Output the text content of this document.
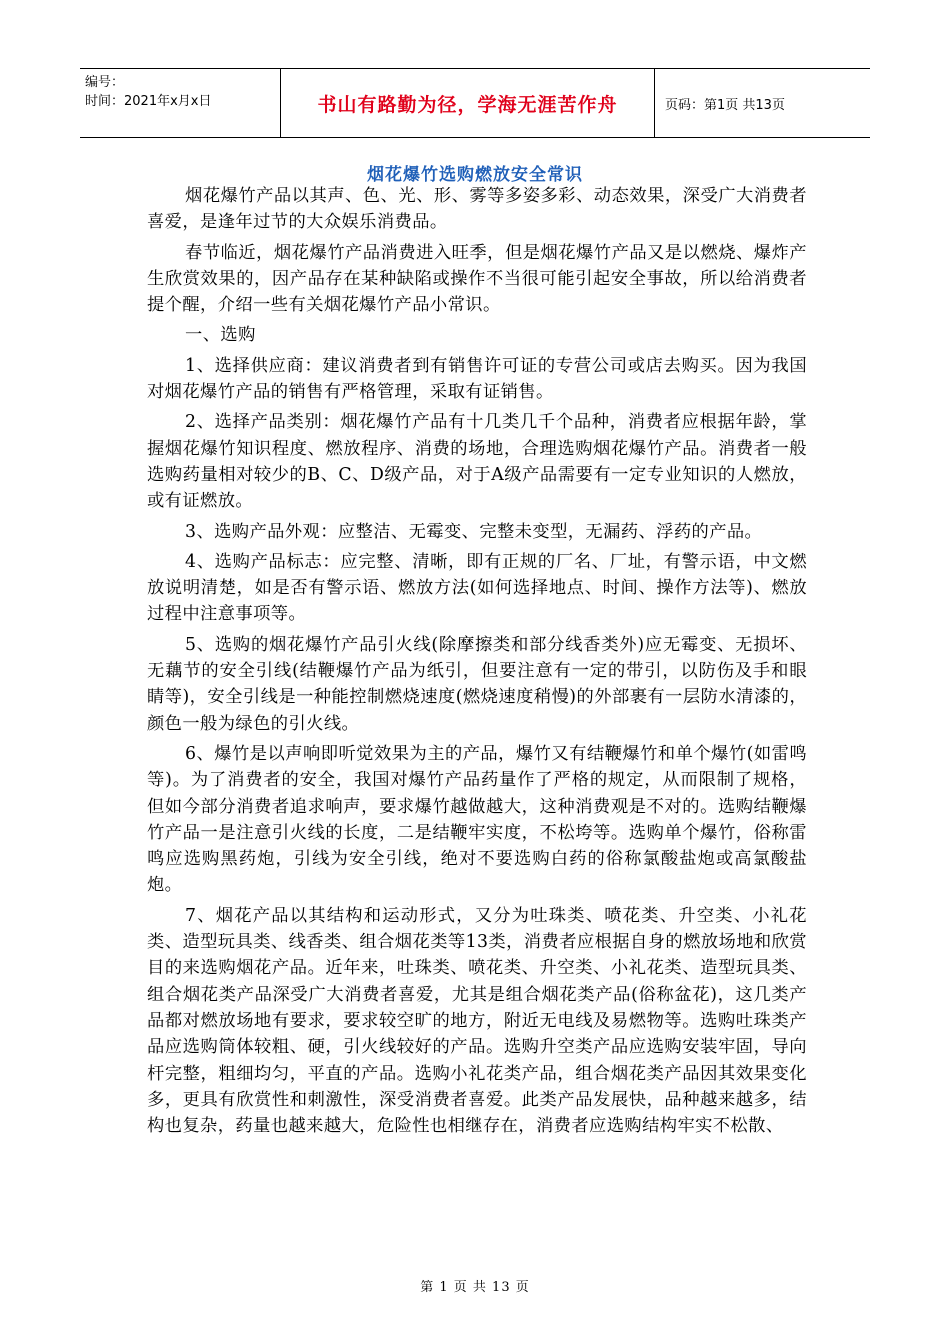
编号：
时间：2021年x月x日	书山有路勤为径，学海无涯苦作舟	页码：第1页 共13页
烟花爆竹选购燃放安全常识

烟花爆竹产品以其声、色、光、形、雾等多姿多彩、动态效果，深受广大消费者喜爱，是逢年过节的大众娱乐消费品。

春节临近，烟花爆竹产品消费进入旺季，但是烟花爆竹产品又是以燃烧、爆炸产生欣赏效果的，因产品存在某种缺陷或操作不当很可能引起安全事故，所以给消费者提个醒，介绍一些有关烟花爆竹产品小常识。

一、选购

1、选择供应商：建议消费者到有销售许可证的专营公司或店去购买。因为我国对烟花爆竹产品的销售有严格管理，采取有证销售。

2、选择产品类别：烟花爆竹产品有十几类几千个品种，消费者应根据年龄，掌握烟花爆竹知识程度、燃放程序、消费的场地，合理选购烟花爆竹产品。消费者一般选购药量相对较少的B、C、D级产品，对于A级产品需要有一定专业知识的人燃放，或有证燃放。

3、选购产品外观：应整洁、无霉变、完整未变型，无漏药、浮药的产品。

4、选购产品标志：应完整、清晰，即有正规的厂名、厂址，有警示语，中文燃放说明清楚，如是否有警示语、燃放方法(如何选择地点、时间、操作方法等)、燃放过程中注意事项等。

5、选购的烟花爆竹产品引火线(除摩擦类和部分线香类外)应无霉变、无损坏、无藕节的安全引线(结鞭爆竹产品为纸引，但要注意有一定的带引，以防伤及手和眼睛等)，安全引线是一种能控制燃烧速度(燃烧速度稍慢)的外部裹有一层防水清漆的，颜色一般为绿色的引火线。

6、爆竹是以声响即听觉效果为主的产品，爆竹又有结鞭爆竹和单个爆竹(如雷鸣等)。为了消费者的安全，我国对爆竹产品药量作了严格的规定，从而限制了规格，但如今部分消费者追求响声，要求爆竹越做越大，这种消费观是不对的。选购结鞭爆竹产品一是注意引火线的长度，二是结鞭牢实度，不松垮等。选购单个爆竹，俗称雷鸣应选购黑药炮，引线为安全引线，绝对不要选购白药的俗称氯酸盐炮或高氯酸盐炮。

7、烟花产品以其结构和运动形式，又分为吐珠类、喷花类、升空类、小礼花类、造型玩具类、线香类、组合烟花类等13类，消费者应根据自身的燃放场地和欣赏目的来选购烟花产品。近年来，吐珠类、喷花类、升空类、小礼花类、造型玩具类、组合烟花类产品深受广大消费者喜爱，尤其是组合烟花类产品(俗称盆花)，这几类产品都对燃放场地有要求，要求较空旷的地方，附近无电线及易燃物等。选购吐珠类产品应选购筒体较粗、硬，引火线较好的产品。选购升空类产品应选购安装牢固，导向杆完整，粗细均匀，平直的产品。选购小礼花类产品，组合烟花类产品因其效果变化多，更具有欣赏性和刺激性，深受消费者喜爱。此类产品发展快，品种越来越多，结构也复杂，药量也越来越大，危险性也相继存在，消费者应选购结构牢实不松散、

第 1 页 共 13 页
